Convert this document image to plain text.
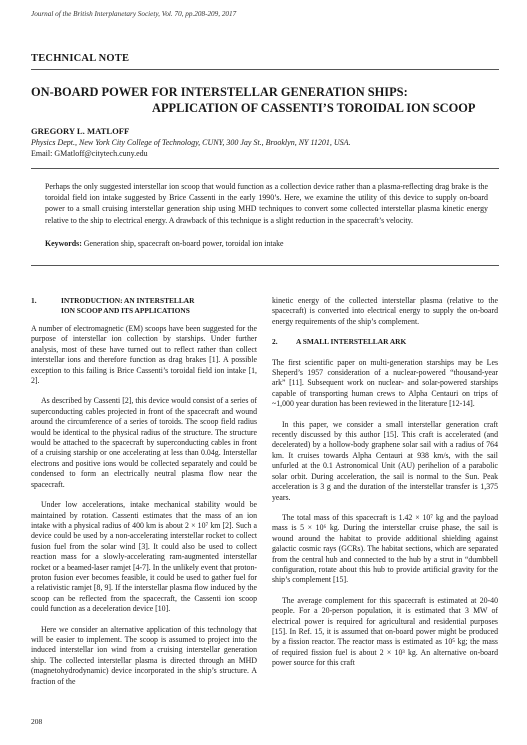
Journal of the British Interplanetary Society, Vol. 70, pp.208-209, 2017
TECHNICAL NOTE
ON-BOARD POWER FOR INTERSTELLAR GENERATION SHIPS:
APPLICATION OF CASSENTI’S TOROIDAL ION SCOOP
GREGORY L. MATLOFF
Physics Dept., New York City College of Technology, CUNY, 300 Jay St., Brooklyn, NY 11201, USA.
Email: GMatloff@citytech.cuny.edu
Perhaps the only suggested interstellar ion scoop that would function as a collection device rather than a plasma-reflecting drag brake is the toroidal field ion intake suggested by Brice Cassenti in the early 1990’s. Here, we examine the utility of this device to supply on-board power to a small cruising interstellar generation ship using MHD techniques to convert some collected interstellar plasma kinetic energy relative to the ship to electrical energy. A drawback of this technique is a slight reduction in the spacecraft’s velocity.
Keywords: Generation ship, spacecraft on-board power, toroidal ion intake
1.	INTRODUCTION: AN INTERSTELLAR
ION SCOOP AND ITS APPLICATIONS

A number of electromagnetic (EM) scoops have been suggested for the purpose of interstellar ion collection by starships. Under further analysis, most of these have turned out to reflect rather than collect interstellar ions and therefore function as drag brakes [1]. A possible exception to this failing is Brice Cassenti’s toroidal field ion intake [1, 2].

As described by Cassenti [2], this device would consist of a series of superconducting cables projected in front of the spacecraft and wound around the circumference of a series of toroids. The scoop field radius would be identical to the physical radius of the structure. The structure would be attached to the spacecraft by superconducting cables in front of a cruising starship or one accelerating at less than 0.04g. Interstellar electrons and positive ions would be collected separately and could be condensed to form an electrically neutral plasma flow near the spacecraft.

Under low accelerations, intake mechanical stability would be maintained by rotation. Cassenti estimates that the mass of an ion intake with a physical radius of 400 km is about 2 × 10⁷ km [2]. Such a device could be used by a non-accelerating interstellar rocket to collect fusion fuel from the solar wind [3]. It could also be used to collect reaction mass for a slowly-accelerating ram-augmented interstellar rocket or a beamed-laser ramjet [4-7]. In the unlikely event that proton-proton fusion ever becomes feasible, it could be used to gather fuel for a relativistic ramjet [8, 9]. If the interstellar plasma flow induced by the scoop can be reflected from the spacecraft, the Cassenti ion scoop could function as a deceleration device [10].

Here we consider an alternative application of this technology that will be easier to implement. The scoop is assumed to project into the induced interstellar ion wind from a cruising interstellar generation ship. The collected interstellar plasma is directed through an MHD (magnetohydrodynamic) device incorporated in the ship’s structure. A fraction of the

kinetic energy of the collected interstellar plasma (relative to the spacecraft) is converted into electrical energy to supply the on-board energy requirements of the ship’s complement.

2.	A SMALL INTERSTELLAR ARK

The first scientific paper on multi-generation starships may be Les Sheperd’s 1957 consideration of a nuclear-powered “thousand-year ark” [11]. Subsequent work on nuclear- and solar-powered starships capable of transporting human crews to Alpha Centauri on trips of ~1,000 year duration has been reviewed in the literature [12-14].

In this paper, we consider a small interstellar generation craft recently discussed by this author [15]. This craft is accelerated (and decelerated) by a hollow-body graphene solar sail with a radius of 764 km. It cruises towards Alpha Centauri at 938 km/s, with the sail unfurled at the 0.1 Astronomical Unit (AU) perihelion of a parabolic solar orbit. During acceleration, the sail is normal to the Sun. Peak acceleration is 3 g and the duration of the interstellar transfer is 1,375 years.

The total mass of this spacecraft is 1.42 × 10⁷ kg and the payload mass is 5 × 10⁶ kg. During the interstellar cruise phase, the sail is wound around the habitat to provide additional shielding against galactic cosmic rays (GCRs). The habitat sections, which are separated from the central hub and connected to the hub by a strut in “dumbbell configuration, rotate about this hub to provide artificial gravity for the ship’s complement [15].

The average complement for this spacecraft is estimated at 20-40 people. For a 20-person population, it is estimated that 3 MW of electrical power is required for agricultural and residential purposes [15]. In Ref. 15, it is assumed that on-board power might be produced by a fission reactor. The reactor mass is estimated as 10⁵ kg; the mass of required fission fuel is about 2 × 10³ kg. An alternative on-board power source for this craft

208
